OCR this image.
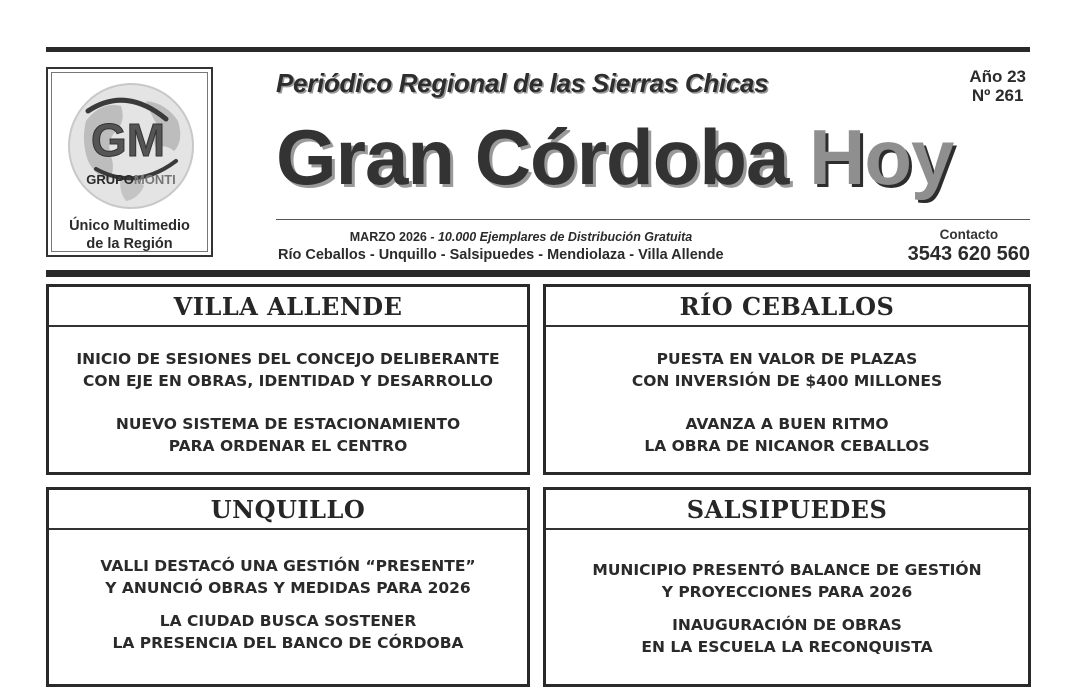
GM
GRUPOMONTI
Único Multimedio
de la Región
Periódico Regional de las Sierras Chicas
Gran Córdoba Hoy
Año 23
Nº 261
MARZO 2026 - 10.000 Ejemplares de Distribución Gratuita
Río Ceballos - Unquillo - Salsipuedes - Mendiolaza - Villa Allende
Contacto
3543 620 560
VILLA ALLENDE
INICIO DE SESIONES DEL CONCEJO DELIBERANTE
CON EJE EN OBRAS, IDENTIDAD Y DESARROLLO
NUEVO SISTEMA DE ESTACIONAMIENTO
PARA ORDENAR EL CENTRO
RÍO CEBALLOS
PUESTA EN VALOR DE PLAZAS
CON INVERSIÓN DE $400 MILLONES
AVANZA A BUEN RITMO
LA OBRA DE NICANOR CEBALLOS
UNQUILLO
VALLI DESTACÓ UNA GESTIÓN “PRESENTE”
Y ANUNCIÓ OBRAS Y MEDIDAS PARA 2026
LA CIUDAD BUSCA SOSTENER
LA PRESENCIA DEL BANCO DE CÓRDOBA
SALSIPUEDES
MUNICIPIO PRESENTÓ BALANCE DE GESTIÓN
Y PROYECCIONES PARA 2026
INAUGURACIÓN DE OBRAS
EN LA ESCUELA LA RECONQUISTA
